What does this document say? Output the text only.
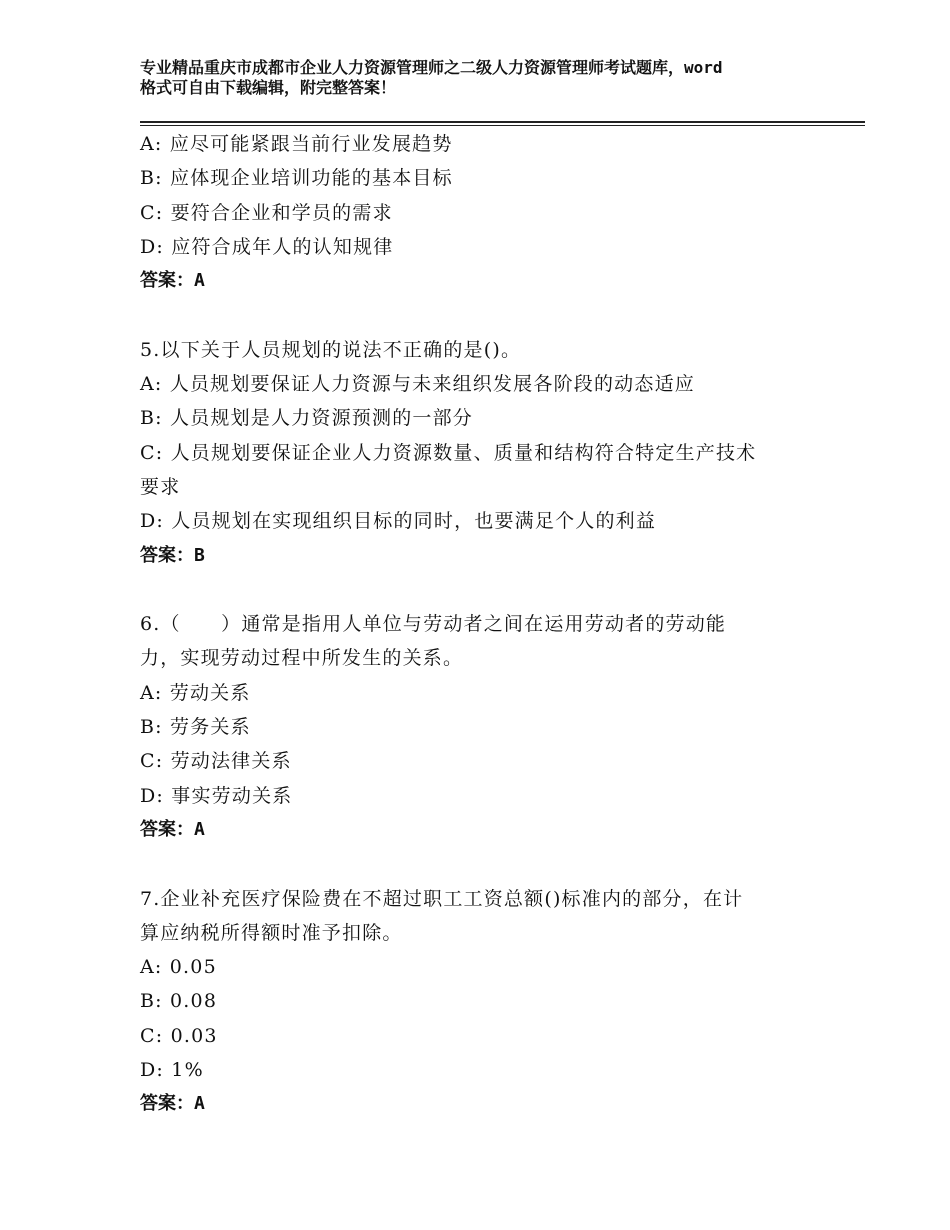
专业精品重庆市成都市企业人力资源管理师之二级人力资源管理师考试题库，word
格式可自由下载编辑，附完整答案！
A: 应尽可能紧跟当前行业发展趋势
B: 应体现企业培训功能的基本目标
C: 要符合企业和学员的需求
D: 应符合成年人的认知规律
答案：A
5.以下关于人员规划的说法不正确的是()。
A: 人员规划要保证人力资源与未来组织发展各阶段的动态适应
B: 人员规划是人力资源预测的一部分
C: 人员规划要保证企业人力资源数量、质量和结构符合特定生产技术
要求
D: 人员规划在实现组织目标的同时，也要满足个人的利益
答案：B
6.（　　）通常是指用人单位与劳动者之间在运用劳动者的劳动能
力，实现劳动过程中所发生的关系。
A: 劳动关系
B: 劳务关系
C: 劳动法律关系
D: 事实劳动关系
答案：A
7.企业补充医疗保险费在不超过职工工资总额()标准内的部分，在计
算应纳税所得额时准予扣除。
A: 0.05
B: 0.08
C: 0.03
D: 1%
答案：A
